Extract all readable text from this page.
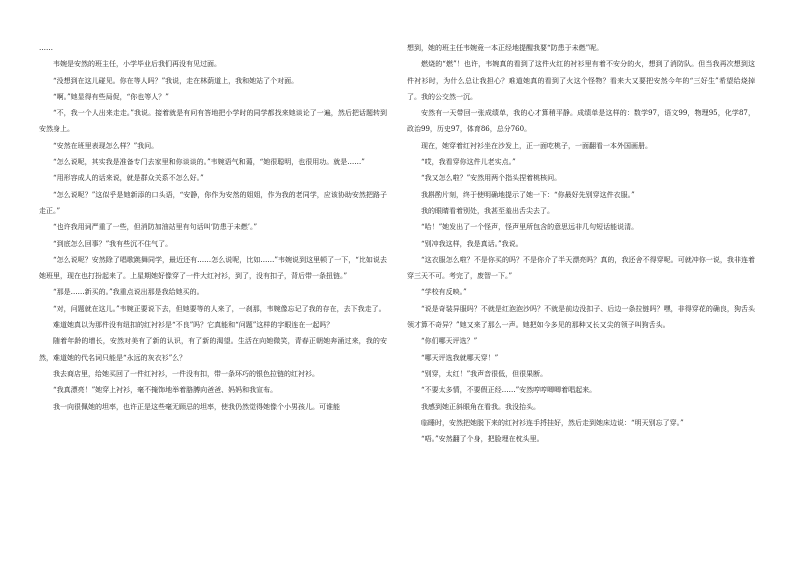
……

韦婉是安然的班主任，小学毕业后我们再没有见过面。

“没想到在这儿碰见。你在等人吗？”我说，走在林荫道上，我和她站了个对面。

“啊。”她显得有些局促，“你也等人？”

“不，我一个人出来走走。”我说。接着就是有问有答地把小学时的同学都找来她谈论了一遍，然后把话题转到安然身上。

“安然在班里表现怎么样？”我问。

“怎么说呢，其实我是准备专门去家里和你谈谈的。”韦婉语气和蔼，“她很聪明，也很用功。就是……”

“用形容成人的话来说，就是群众关系不怎么好。”

“怎么说呢？”这似乎是她新添的口头语，“安静，你作为安然的姐姐，作为我的老同学，应该协助安然把路子走正。”

“也许我用词严重了一些，但消防加油站里有句话叫‘防患于未燃’。”

“到底怎么回事？”我有些沉不住气了。

“怎么说呢？安然除了唱歌跳舞同学，最近还有……怎么说呢，比如……”韦婉说到这里顿了一下，“比如说去她班里，现在也打扮起来了。上星期她好像穿了一件大红衬衫，到了，没有扣子，背后带一条扭链。”

“那是……新买的。”我重点说出那是我给她买的。

“对，问题就在这儿。”韦婉正要说下去，但她要等的人来了，一刹那，韦婉像忘记了我的存在，去下我走了。

难道她真以为那件没有纽扣的红衬衫是“不良”吗？它真能和“问题”这样的字眼连在一起吗？

随着年龄的增长，安然对美有了新的认识，有了新的渴望。生活在向她微笑，青春正朝她奔涌过来，我的安然，难道她的代名词只能是“永远的灰衣衫”么？

我去商店里，给她买回了一件红衬衫，一件没有扣，带一条环巧的银色拉链的红衬衫。

“我真漂亮！”她穿上衬衫，毫不掩饰地举着胳膊向爸爸、妈妈和我宣布。

我一向很佩她的坦率，也许正是这些毫无顾忌的坦率，使我仍然觉得她像个小男孩儿。可谁能

想到，她的班主任韦婉竟一本正经地提醒我要“防患于未燃”呢。

燃烧的“燃”！也许，韦婉真的看到了这件火红的衬衫里有着不安分的火，想到了消防队。但当我再次想到这件衬衫时，为什么总让我担心？难道她真的看到了火这个怪物？看来大又要把安然今年的“三好生”希望给烧掉了。我的公交然一沉。

安然有一天带回一张成绩单，我的心才算稍平静。成绩单是这样的：数学97，语文99，物理95，化学87，政治99，历史97，体育86，总分760。

现在，她穿着红衬衫坐在沙发上，正一面吃桃子，一面翻看一本外国画册。

“哎，我看穿你这件儿老实点。”

“我又怎么啦？”安然用两个指头捏着桃核问。

我斟酌片刻，终于使明确地提示了她一下：“你最好先别穿这件衣服。”

我的眼睛看着别处，我甚至羞出舌尖去了。

“哈！”她发出了一个怪声，怪声里所包含的意思远非几句短话能说清。

“别冲我这样，我是真话。”我说。

“这衣服怎么啦？不是你买的吗？不是你介了半天漂亮吗？真的，我还舍不得穿呢。可就冲你一说，我非连着穿三天不可。考完了，废智一下。”

“学校有反映。”

“说是奇装异服吗？不就是红泡泡沙吗？不就是前边没扣子、后边一条拉链吗？嘿，非得穿花的确良，狗舌头领才算不奇异？”她又来了那么一声。她把如今多见的那种又长又尖的领子叫狗舌头。

“你们哪天评选？”

“哪天评选我就哪天穿！”

“别穿，太红！”我声音很低，但很果断。

“不要太多情，不要假正经……”安然哼哼唧唧着唱起来。

我感到她正斜眼角在看我。我没抬头。

临睡时，安然把她脱下来的红衬衫连手捋挂好，然后走到她床边说：“明天别忘了穿。”

“唔。”安然翻了个身，把脸埋在枕头里。
